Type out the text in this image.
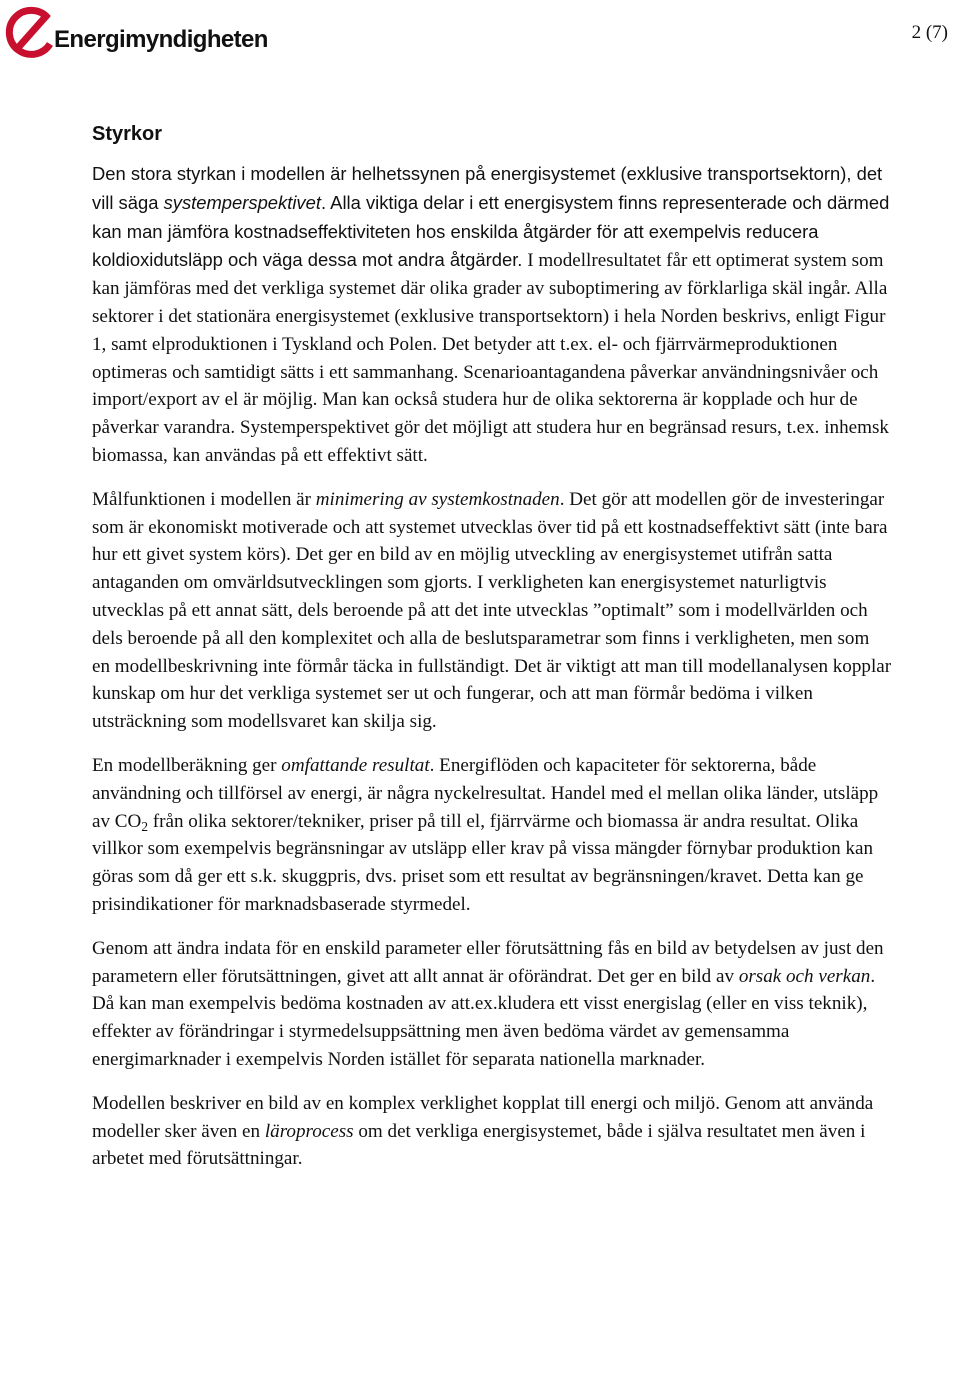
Energimyndigheten	2 (7)
Styrkor

Den stora styrkan i modellen är helhetssynen på energisystemet (exklusive transportsektorn), det vill säga systemperspektivet. Alla viktiga delar i ett energisystem finns representerade och därmed kan man jämföra kostnadseffektiviteten hos enskilda åtgärder för att exempelvis reducera koldioxidutsläpp och väga dessa mot andra åtgärder. I modellresultatet får ett optimerat system som kan jämföras med det verkliga systemet där olika grader av suboptimering av förklarliga skäl ingår. Alla sektorer i det stationära energisystemet (exklusive transportsektorn) i hela Norden beskrivs, enligt Figur 1, samt elproduktionen i Tyskland och Polen. Det betyder att t.ex. el- och fjärrvärmeproduktionen optimeras och samtidigt sätts i ett sammanhang. Scenarioantagandena påverkar användningsnivåer och import/export av el är möjlig. Man kan också studera hur de olika sektorerna är kopplade och hur de påverkar varandra. Systemperspektivet gör det möjligt att studera hur en begränsad resurs, t.ex. inhemsk biomassa, kan användas på ett effektivt sätt.

Målfunktionen i modellen är minimering av systemkostnaden. Det gör att modellen gör de investeringar som är ekonomiskt motiverade och att systemet utvecklas över tid på ett kostnadseffektivt sätt (inte bara hur ett givet system körs). Det ger en bild av en möjlig utveckling av energisystemet utifrån satta antaganden om omvärldsutvecklingen som gjorts. I verkligheten kan energisystemet naturligtvis utvecklas på ett annat sätt, dels beroende på att det inte utvecklas ”optimalt” som i modellvärlden och dels beroende på all den komplexitet och alla de beslutsparametrar som finns i verkligheten, men som en modellbeskrivning inte förmår täcka in fullständigt. Det är viktigt att man till modellanalysen kopplar kunskap om hur det verkliga systemet ser ut och fungerar, och att man förmår bedöma i vilken utsträckning som modellsvaret kan skilja sig.

En modellberäkning ger omfattande resultat. Energiflöden och kapaciteter för sektorerna, både användning och tillförsel av energi, är några nyckelresultat. Handel med el mellan olika länder, utsläpp av $CO_2$ från olika sektorer/tekniker, priser på till el, fjärrvärme och biomassa är andra resultat. Olika villkor som exempelvis begränsningar av utsläpp eller krav på vissa mängder förnybar produktion kan göras som då ger ett s.k. skuggpris, dvs. priset som ett resultat av begränsningen/kravet. Detta kan ge prisindikationer för marknadsbaserade styrmedel.

Genom att ändra indata för en enskild parameter eller förutsättning fås en bild av betydelsen av just den parametern eller förutsättningen, givet att allt annat är oförändrat. Det ger en bild av orsak och verkan. Då kan man exempelvis bedöma kostnaden av att.ex.kludera ett visst energislag (eller en viss teknik), effekter av förändringar i styrmedelsuppsättning men även bedöma värdet av gemensamma energimarknader i exempelvis Norden istället för separata nationella marknader.

Modellen beskriver en bild av en komplex verklighet kopplat till energi och miljö. Genom att använda modeller sker även en läroprocess om det verkliga energisystemet, både i själva resultatet men även i arbetet med förutsättningar.
